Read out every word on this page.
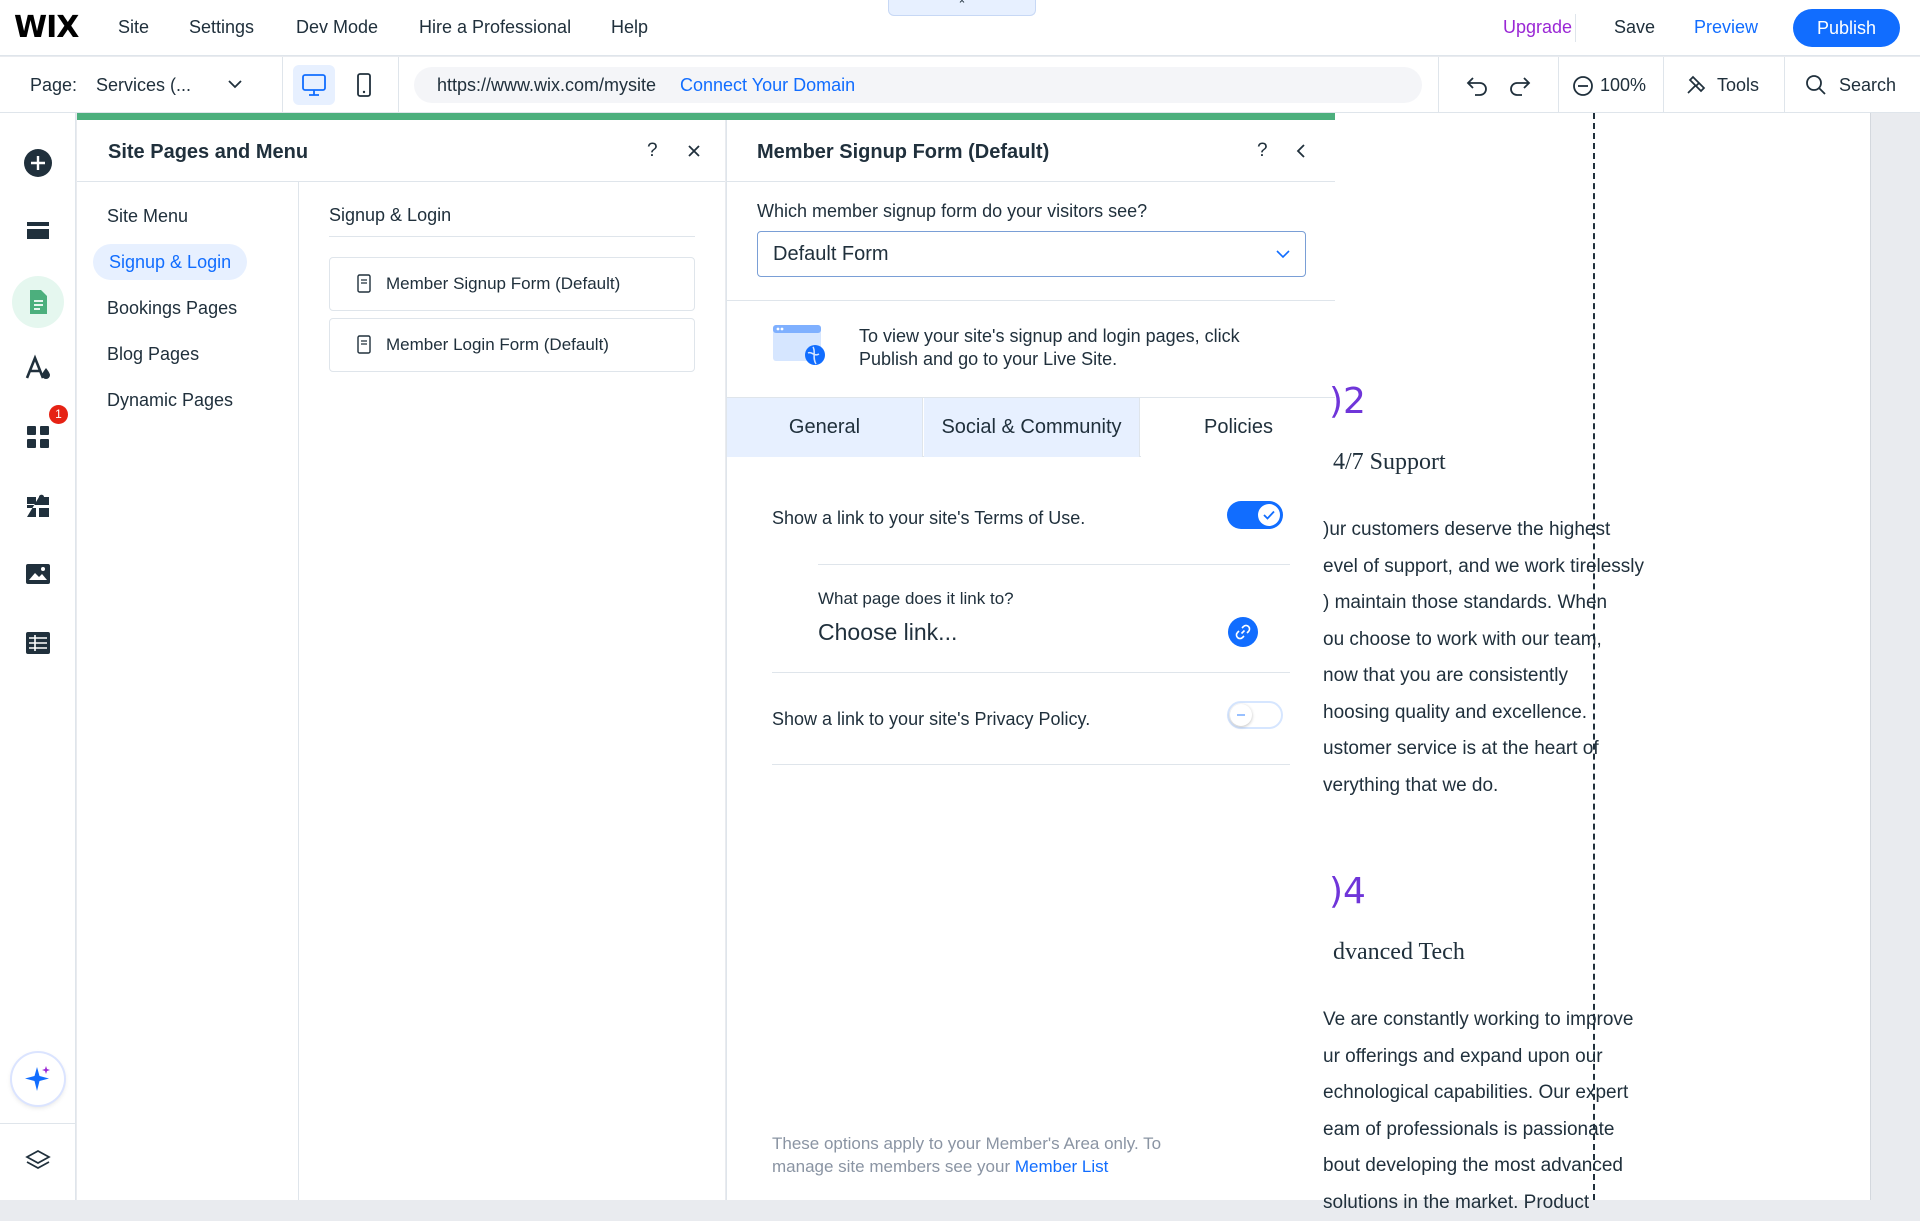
WIX Site Settings Dev Mode Hire a Professional Help
⌃
Upgrade Save Preview	Publish
Page: Services (...	https://www.wix.com/mysite Connect Your Domain	100%	Tools	Search
1
Site Pages and Menu	?
Site Menu
Signup & Login
Bookings Pages
Blog Pages
Dynamic Pages
Signup & Login
Member Signup Form (Default)
Member Login Form (Default)
Member Signup Form (Default)	?
Which member signup form do your visitors see?
Default Form
To view your site's signup and login pages, click
Publish and go to your Live Site.
General	Social & Community	Policies
Show a link to your site's Terms of Use.
What page does it link to?
Choose link...
Show a link to your site's Privacy Policy.
These options apply to your Member's Area only. To
manage site members see your Member List
)2
4/7 Support
)ur customers deserve the highest
evel of support, and we work tirelessly
) maintain those standards. When
ou choose to work with our team,
now that you are consistently
hoosing quality and excellence.
ustomer service is at the heart of
verything that we do.
)4
dvanced Tech
Ve are constantly working to improve
ur offerings and expand upon our
echnological capabilities. Our expert
eam of professionals is passionate
bout developing the most advanced
solutions in the market. Product
